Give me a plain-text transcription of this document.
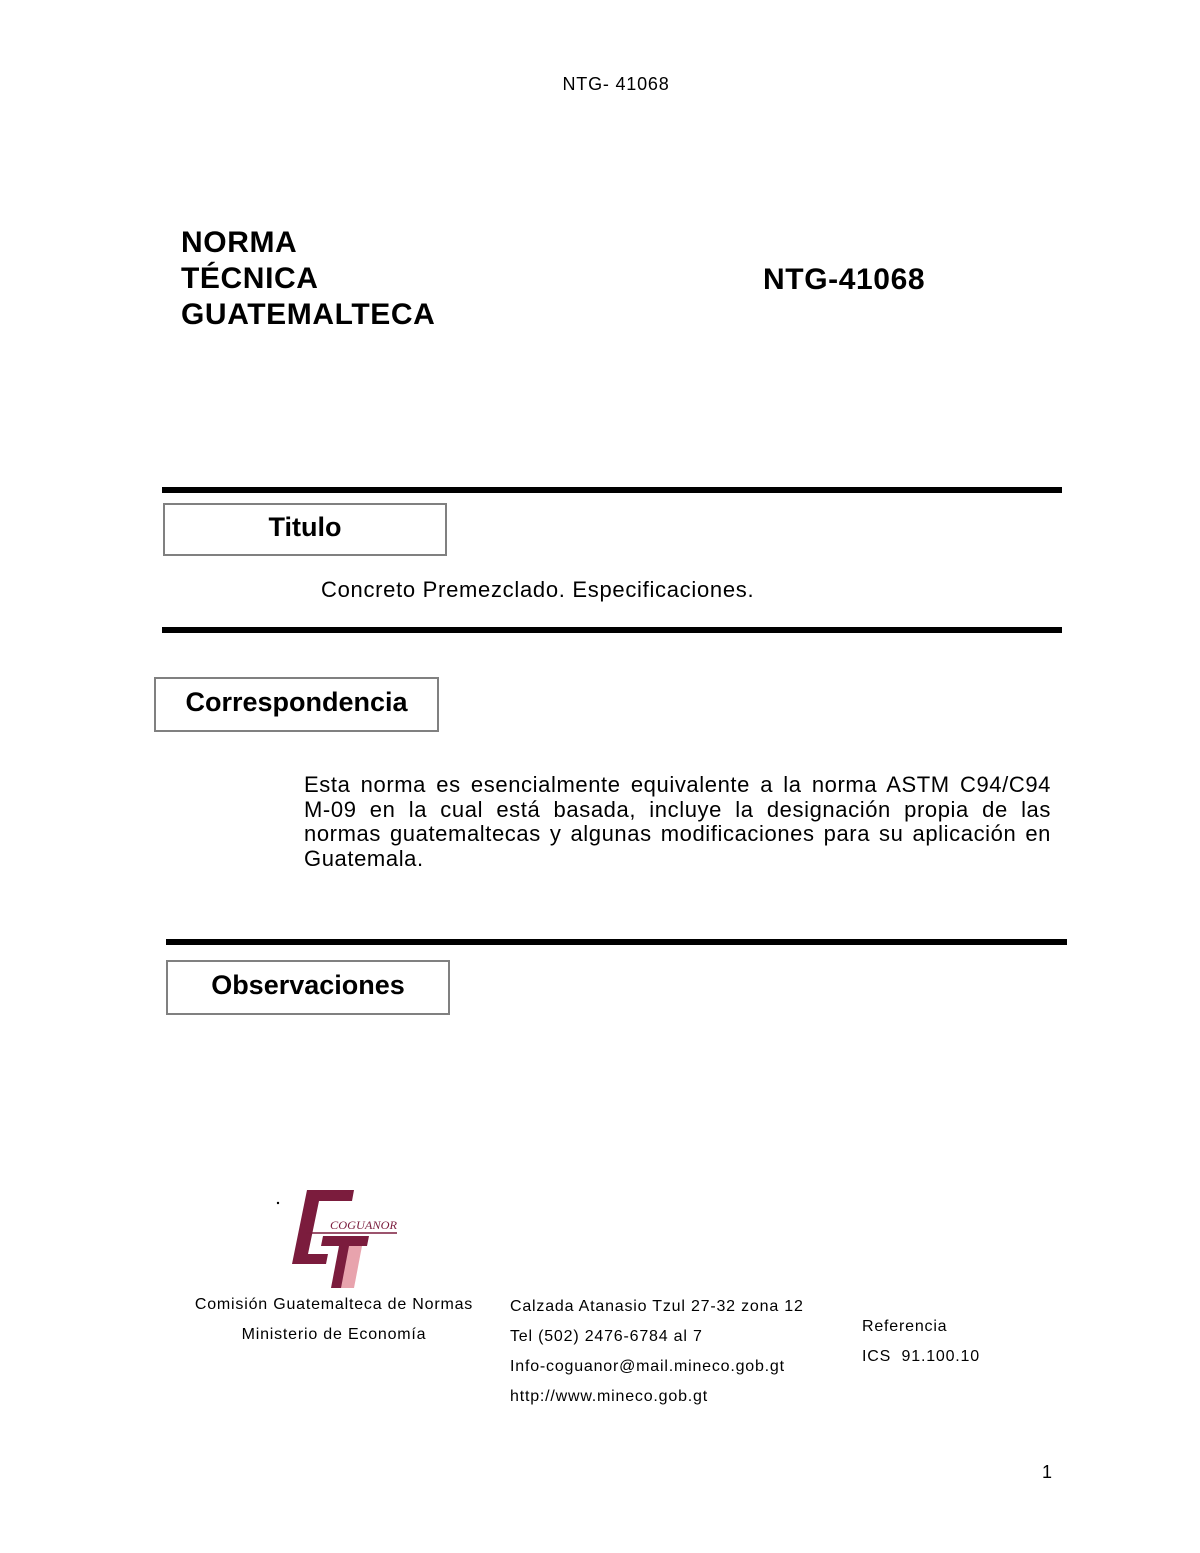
NTG- 41068
NORMA
TÉCNICA
GUATEMALTECA
NTG-41068
Titulo
Concreto Premezclado. Especificaciones.
Correspondencia
Esta norma es esencialmente equivalente a la norma ASTM C94/C94
M-09 en la cual está basada, incluye la designación propia de las
normas guatemaltecas y algunas modificaciones para su aplicación en
Guatemala.
Observaciones
COGUANOR
Comisión Guatemalteca de Normas
Ministerio de Economía
Calzada Atanasio Tzul 27-32 zona 12
Tel (502) 2476-6784 al 7
Info-coguanor@mail.mineco.gob.gt
http://www.mineco.gob.gt
Referencia
ICS  91.100.10
1
